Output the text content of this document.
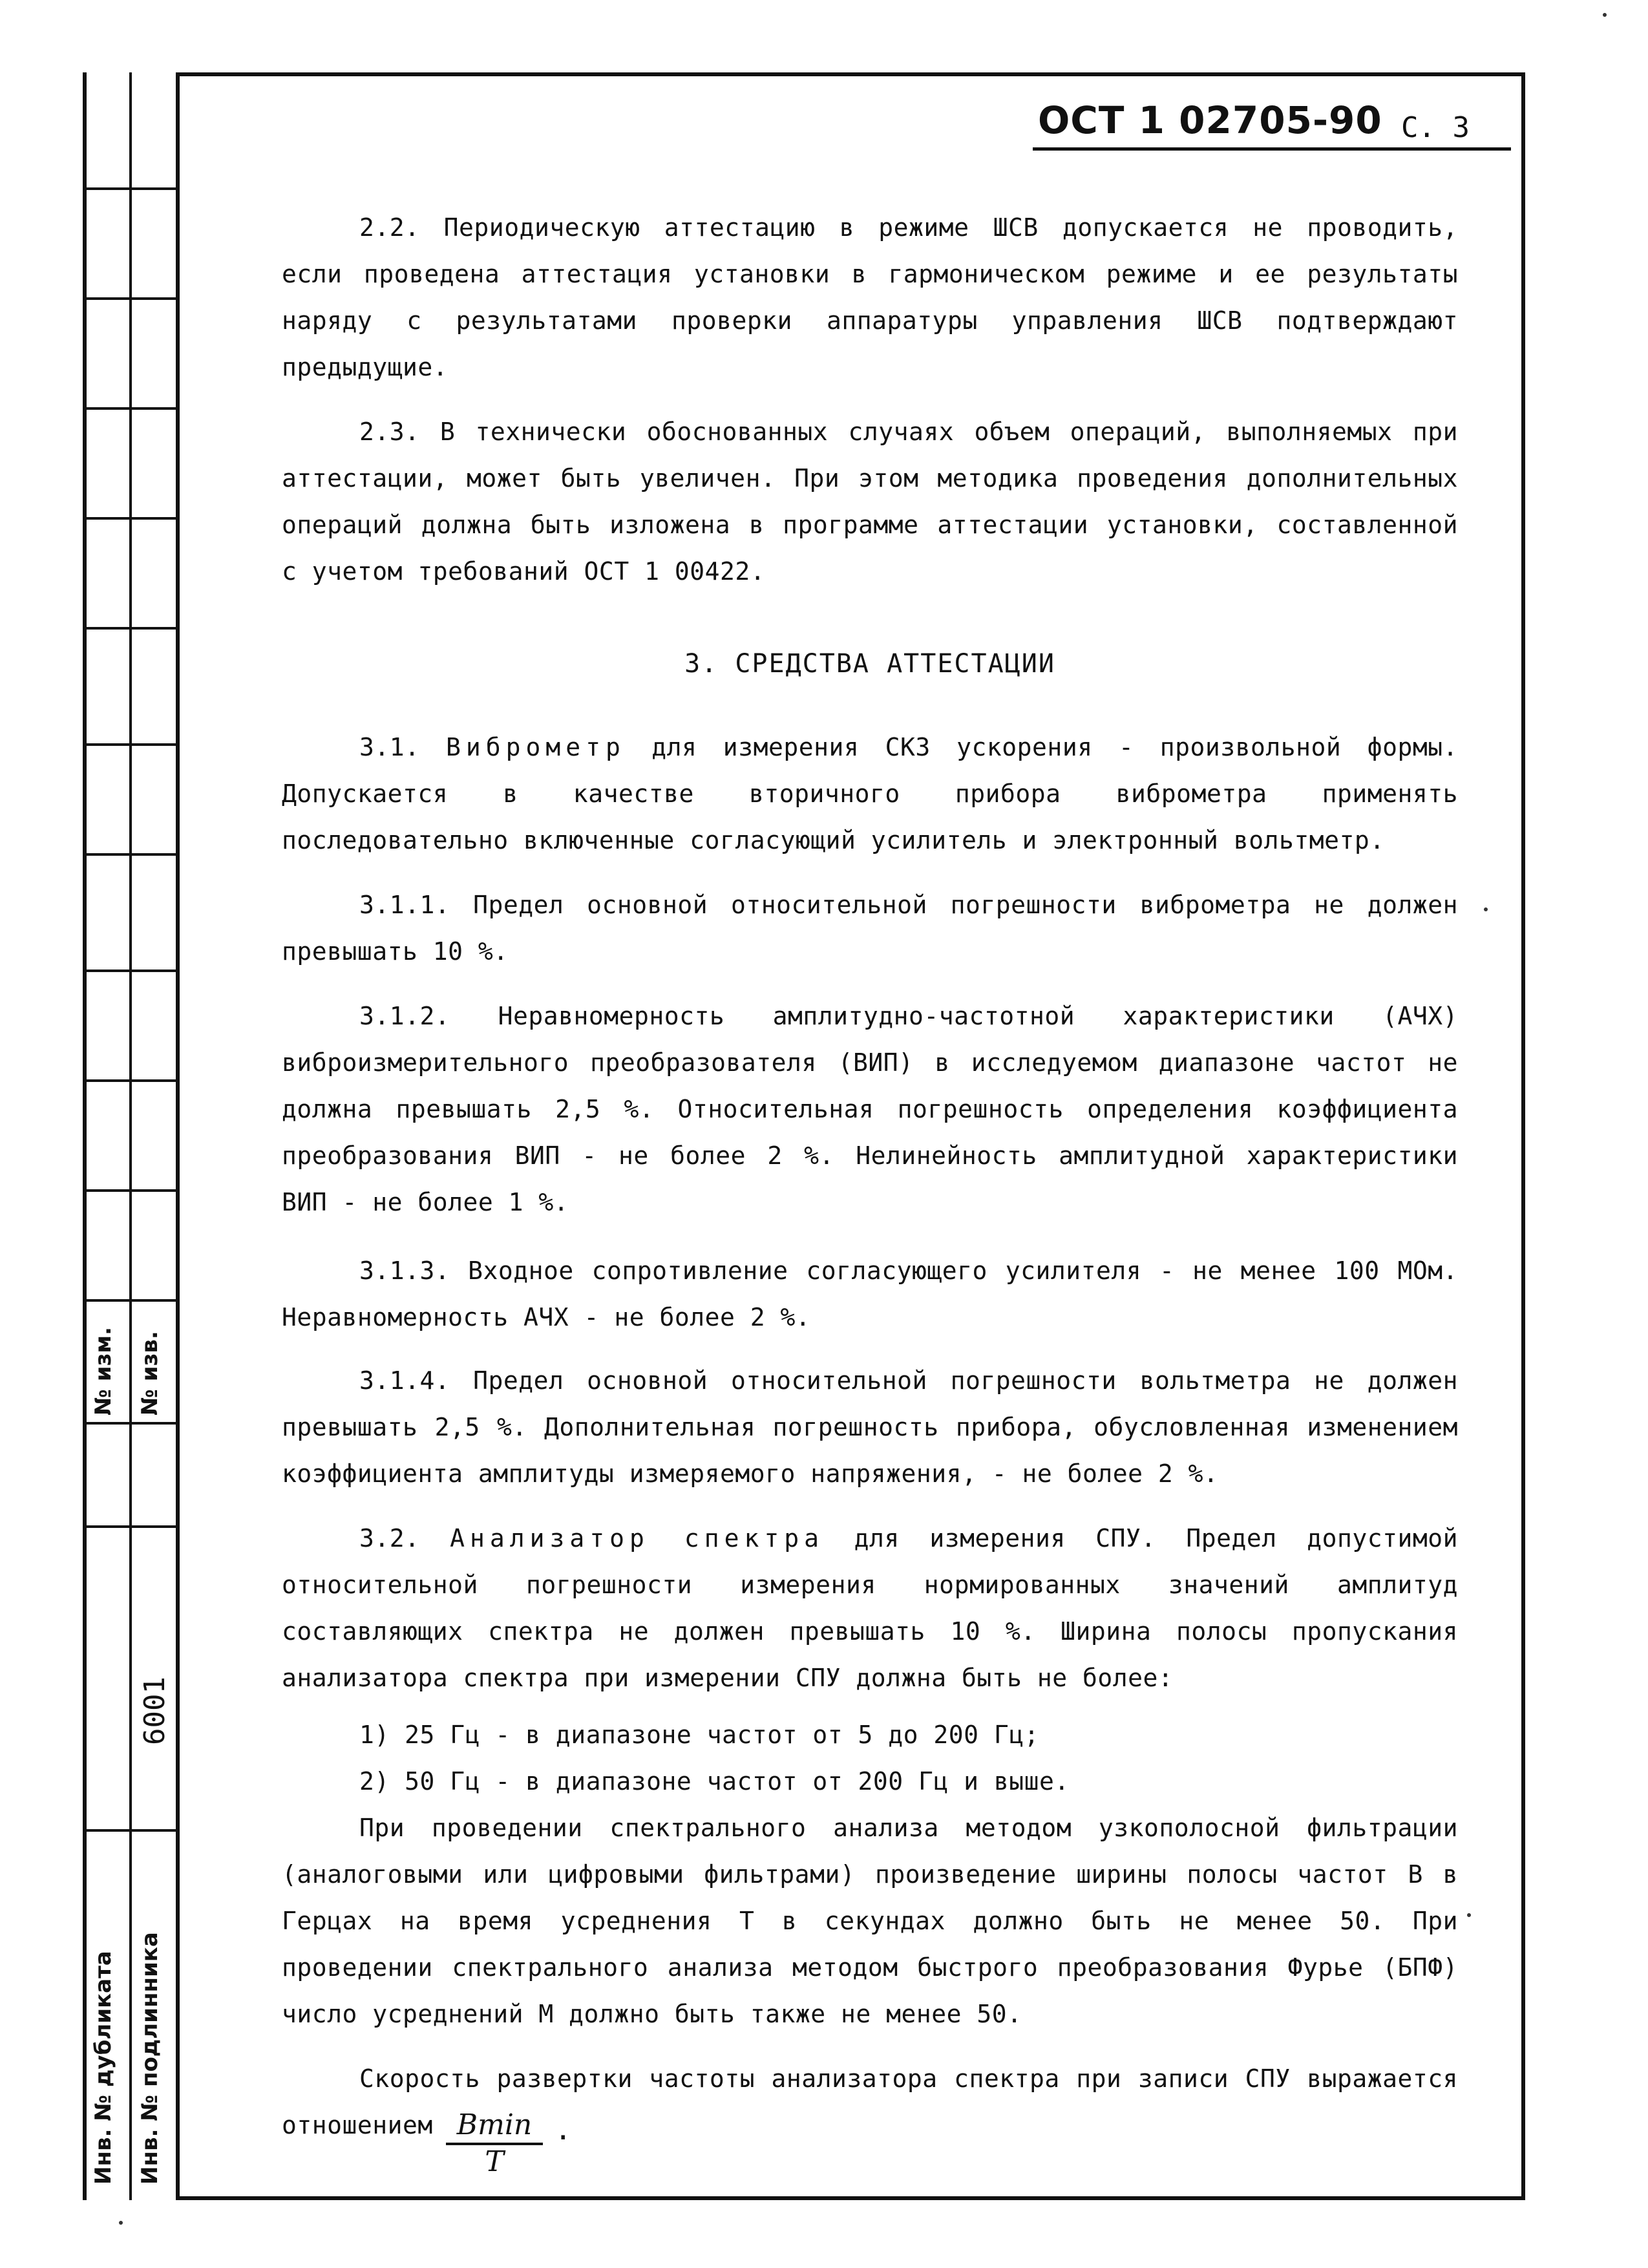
№ изм. № изв.
6001
Инв. № дубликата Инв. № подлинника
ОСТ 1 02705-90 С. 3
2.2. Периодическую аттестацию в режиме ШСВ допускается не проводить, если проведена аттестация установки в гармоническом режиме и ее результаты наряду с результатами проверки аппаратуры управления ШСВ подтверждают предыдущие.
2.3. В технически обоснованных случаях объем операций, выполняемых при аттестации, может быть увеличен. При этом методика проведения дополнительных операций должна быть изложена в программе аттестации установки, составленной с учетом требований ОСТ 1 00422.
3. СРЕДСТВА АТТЕСТАЦИИ
3.1. Виброметр для измерения СКЗ ускорения - произвольной формы. Допускается в качестве вторичного прибора виброметра применять последовательно включенные согласующий усилитель и электронный вольтметр.
3.1.1. Предел основной относительной погрешности виброметра не должен превышать 10 %.
3.1.2. Неравномерность амплитудно-частотной характеристики (АЧХ) виброизмерительного преобразователя (ВИП) в исследуемом диапазоне частот не должна превышать 2,5 %. Относительная погрешность определения коэффициента преобразования ВИП - не более 2 %. Нелинейность амплитудной характеристики ВИП - не более 1 %.
3.1.3. Входное сопротивление согласующего усилителя - не менее 100 МОм. Неравномерность АЧХ - не более 2 %.
3.1.4. Предел основной относительной погрешности вольтметра не должен превышать 2,5 %. Дополнительная погрешность прибора, обусловленная изменением коэффициента амплитуды измеряемого напряжения, - не более 2 %.
3.2. Анализатор спектра для измерения СПУ. Предел допустимой относительной погрешности измерения нормированных значений амплитуд составляющих спектра не должен превышать 10 %. Ширина полосы пропускания анализатора спектра при измерении СПУ должна быть не более:
1) 25 Гц - в диапазоне частот от 5 до 200 Гц;
2) 50 Гц - в диапазоне частот от 200 Гц и выше.
При проведении спектрального анализа методом узкополосной фильтрации (аналоговыми или цифровыми фильтрами) произведение ширины полосы частот B в Герцах на время усреднения T в секундах должно быть не менее 50. При проведении спектрального анализа методом быстрого преобразования Фурье (БПФ) число усреднений M должно быть также не менее 50.
Скорость развертки частоты анализатора спектра при записи СПУ выражается отношением Bmin
T
.
